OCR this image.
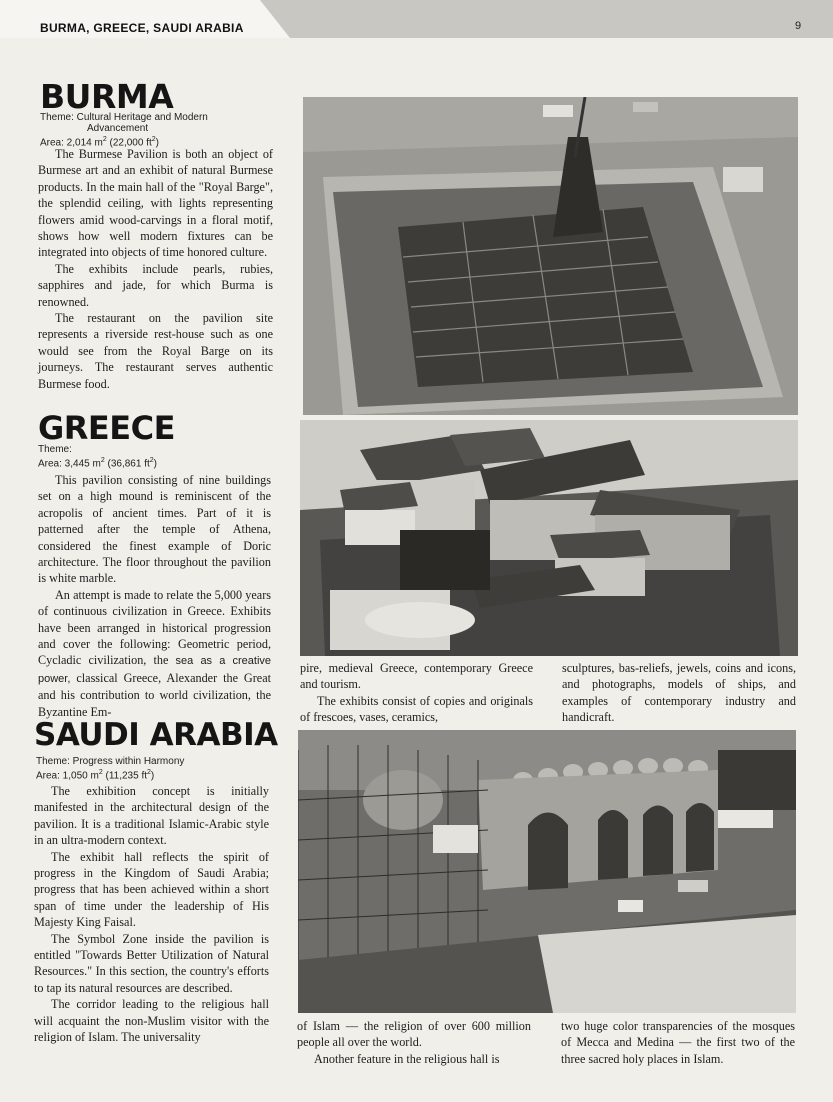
BURMA, GREECE, SAUDI ARABIA	9
BURMA
Theme: Cultural Heritage and Modern
Advancement
Area: 2,014 $m^2$ (22,000 $ft^2$)

The Burmese Pavilion is both an object of Burmese art and an exhibit of natural Burmese products. In the main hall of the "Royal Barge", the splendid ceiling, with lights representing flowers amid wood-carvings in a floral motif, shows how well modern fixtures can be integrated into objects of time honored culture.

The exhibits include pearls, rubies, sapphires and jade, for which Burma is renowned.

The restaurant on the pavilion site represents a riverside rest-house such as one would see from the Royal Barge on its journeys. The restaurant serves authentic Burmese food.

GREECE
Theme:
Area: 3,445 $m^2$ (36,861 $ft^2$)

This pavilion consisting of nine buildings set on a high mound is reminiscent of the acropolis of ancient times. Part of it is patterned after the temple of Athena, considered the finest example of Doric architecture. The floor throughout the pavilion is white marble.

An attempt is made to relate the 5,000 years of continuous civilization in Greece. Exhibits have been arranged in historical progression and cover the following: Geometric period, Cycladic civilization, the sea as a creative power, classical Greece, Alexander the Great and his contribution to world civilization, the Byzantine Em-

pire, medieval Greece, contemporary Greece and tourism.

The exhibits consist of copies and originals of frescoes, vases, ceramics,

sculptures, bas-reliefs, jewels, coins and icons, and photographs, models of ships, and examples of contemporary industry and handicraft.

SAUDI ARABIA
Theme: Progress within Harmony
Area: 1,050 $m^2$ (11,235 $ft^2$)

The exhibition concept is initially manifested in the architectural design of the pavilion. It is a traditional Islamic-Arabic style in an ultra-modern context.

The exhibit hall reflects the spirit of progress in the Kingdom of Saudi Arabia; progress that has been achieved within a short span of time under the leadership of His Majesty King Faisal.

The Symbol Zone inside the pavilion is entitled "Towards Better Utilization of Natural Resources." In this section, the country's efforts to tap its natural resources are described.

The corridor leading to the religious hall will acquaint the non-Muslim visitor with the religion of Islam. The universality

of Islam — the religion of over 600 million people all over the world.

Another feature in the religious hall is

two huge color transparencies of the mosques of Mecca and Medina — the first two of the three sacred holy places in Islam.
